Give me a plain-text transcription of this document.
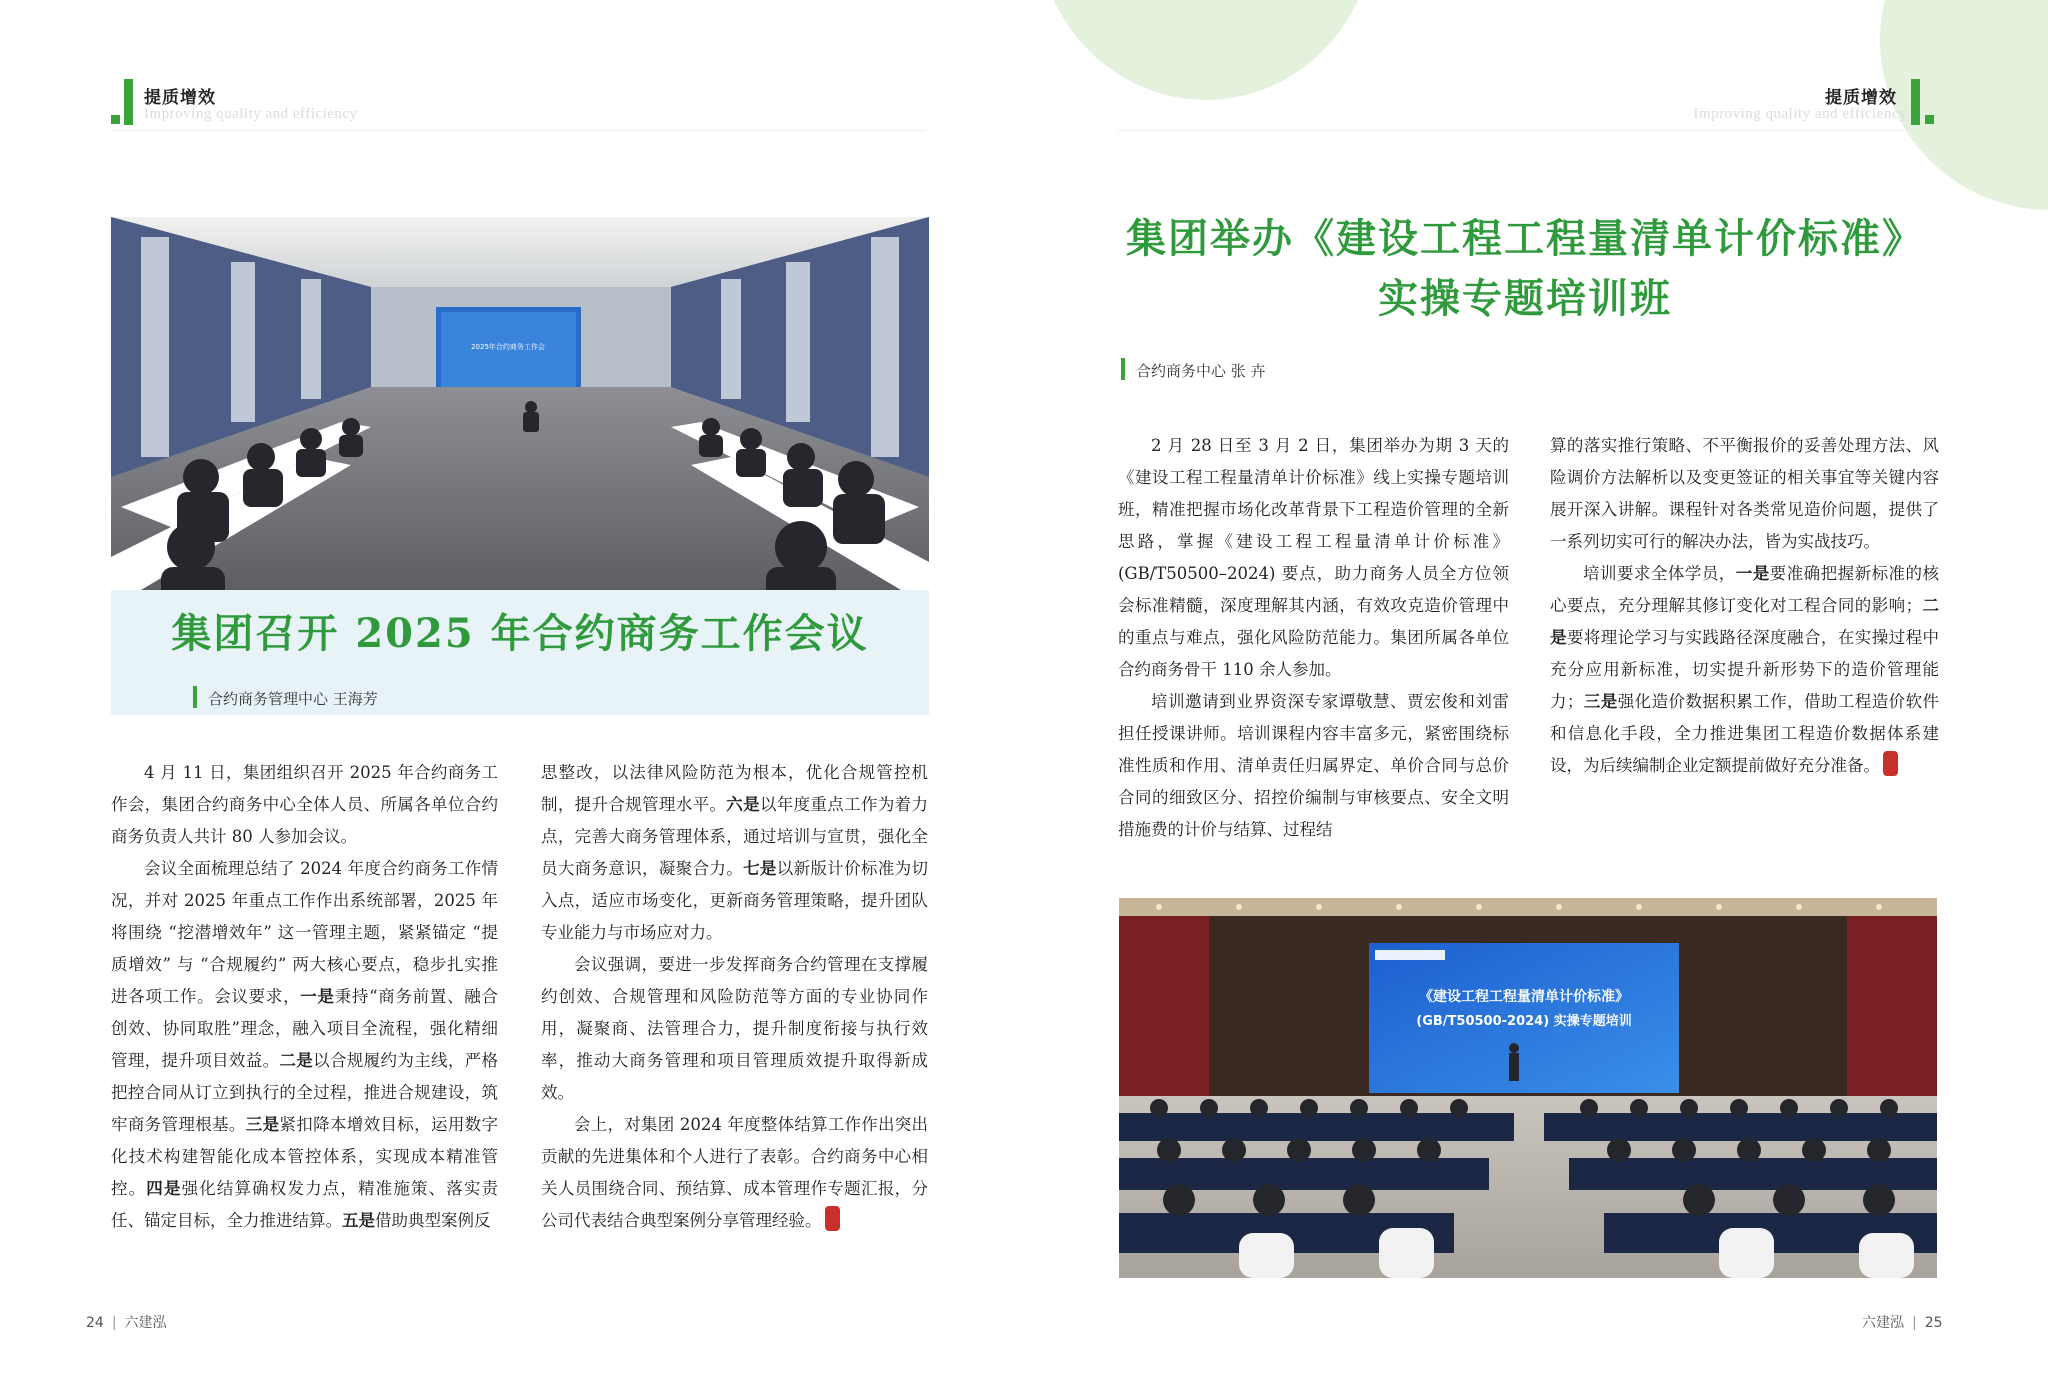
提质增效
Improving quality and efficiency
2025年合约商务工作会
集团召开 2025 年合约商务工作会议
合约商务管理中心 王海芳

4 月 11 日，集团组织召开 2025 年合约商务工作会，集团合约商务中心全体人员、所属各单位合约商务负责人共计 80 人参加会议。

会议全面梳理总结了 2024 年度合约商务工作情况，并对 2025 年重点工作作出系统部署，2025 年将围绕 “挖潜增效年” 这一管理主题，紧紧锚定 “提质增效” 与 “合规履约” 两大核心要点，稳步扎实推进各项工作。会议要求，一是秉持“商务前置、融合创效、协同取胜”理念，融入项目全流程，强化精细管理，提升项目效益。二是以合规履约为主线，严格把控合同从订立到执行的全过程，推进合规建设，筑牢商务管理根基。三是紧扣降本增效目标，运用数字化技术构建智能化成本管控体系，实现成本精准管控。四是强化结算确权发力点，精准施策、落实责任、锚定目标，全力推进结算。五是借助典型案例反

思整改，以法律风险防范为根本，优化合规管控机制，提升合规管理水平。六是以年度重点工作为着力点，完善大商务管理体系，通过培训与宣贯，强化全员大商务意识，凝聚合力。七是以新版计价标准为切入点，适应市场变化，更新商务管理策略，提升团队专业能力与市场应对力。

会议强调，要进一步发挥商务合约管理在支撑履约创效、合规管理和风险防范等方面的专业协同作用，凝聚商、法管理合力，提升制度衔接与执行效率，推动大商务管理和项目管理质效提升取得新成效。

会上，对集团 2024 年度整体结算工作作出突出贡献的先进集体和个人进行了表彰。合约商务中心相关人员围绕合同、预结算、成本管理作专题汇报，分公司代表结合典型案例分享管理经验。

24 | 六建泓
提质增效
Improving quality and efficiency
集团举办《建设工程工程量清单计价标准》
实操专题培训班
合约商务中心 张 卉

2 月 28 日至 3 月 2 日，集团举办为期 3 天的《建设工程工程量清单计价标准》线上实操专题培训班，精准把握市场化改革背景下工程造价管理的全新思路，掌握《建设工程工程量清单计价标准》(GB/T50500–2024) 要点，助力商务人员全方位领会标准精髓，深度理解其内涵，有效攻克造价管理中的重点与难点，强化风险防范能力。集团所属各单位合约商务骨干 110 余人参加。

培训邀请到业界资深专家谭敬慧、贾宏俊和刘雷担任授课讲师。培训课程内容丰富多元，紧密围绕标准性质和作用、清单责任归属界定、单价合同与总价合同的细致区分、招控价编制与审核要点、安全文明措施费的计价与结算、过程结

算的落实推行策略、不平衡报价的妥善处理方法、风险调价方法解析以及变更签证的相关事宜等关键内容展开深入讲解。课程针对各类常见造价问题，提供了一系列切实可行的解决办法，皆为实战技巧。

培训要求全体学员，一是要准确把握新标准的核心要点，充分理解其修订变化对工程合同的影响；二是要将理论学习与实践路径深度融合，在实操过程中充分应用新标准，切实提升新形势下的造价管理能力；三是强化造价数据积累工作，借助工程造价软件和信息化手段，全力推进集团工程造价数据体系建设，为后续编制企业定额提前做好充分准备。

《建设工程工程量清单计价标准》
(GB/T50500-2024) 实操专题培训
六建泓 | 25
